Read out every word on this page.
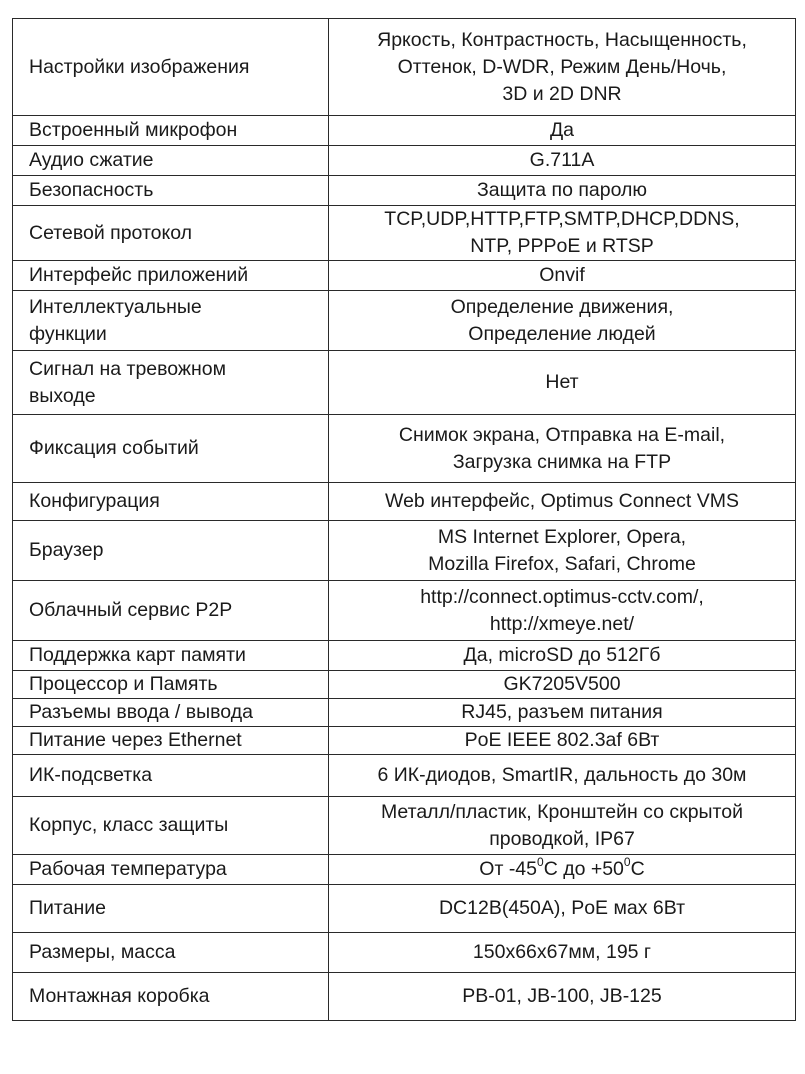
Настройки изображения	Яркость, Контрастность, Насыщенность,
Оттенок, D-WDR, Режим День/Ночь,
3D и 2D DNR

Встроенный микрофон	Да

Аудио сжатие	G.711A

Безопасность	Защита по паролю

Сетевой протокол	TCP,UDP,HTTP,FTP,SMTP,DHCP,DDNS,
NTP, PPPoE и RTSP

Интерфейс приложений	Onvif

Интеллектуальные
функции	Определение движения,
Определение людей

Сигнал на тревожном
выходе	Нет

Фиксация событий	Снимок экрана, Отправка на E-mail,
Загрузка снимка на FTP

Конфигурация	Web интерфейс, Optimus Connect VMS

Браузер	MS Internet Explorer, Opera,
Mozilla Firefox, Safari, Chrome

Облачный сервис P2P	http://connect.optimus-cctv.com/,
http://xmeye.net/

Поддержка карт памяти	Да, microSD до 512Гб

Процессор и Память	GK7205V500

Разъемы ввода / вывода	RJ45, разъем питания

Питание через Ethernet	PoE IEEE 802.3af 6Вт

ИК-подсветка	6 ИК-диодов, SmartIR, дальность до 30м

Корпус, класс защиты	Металл/пластик, Кронштейн со скрытой
проводкой, IP67

Рабочая температура	От $-45^0C$ до $+50^0C$

Питание	DC12В(450А), PoE мах 6Вт

Размеры, масса	150x66x67мм, 195 г

Монтажная коробка	PB-01, JB-100, JB-125
